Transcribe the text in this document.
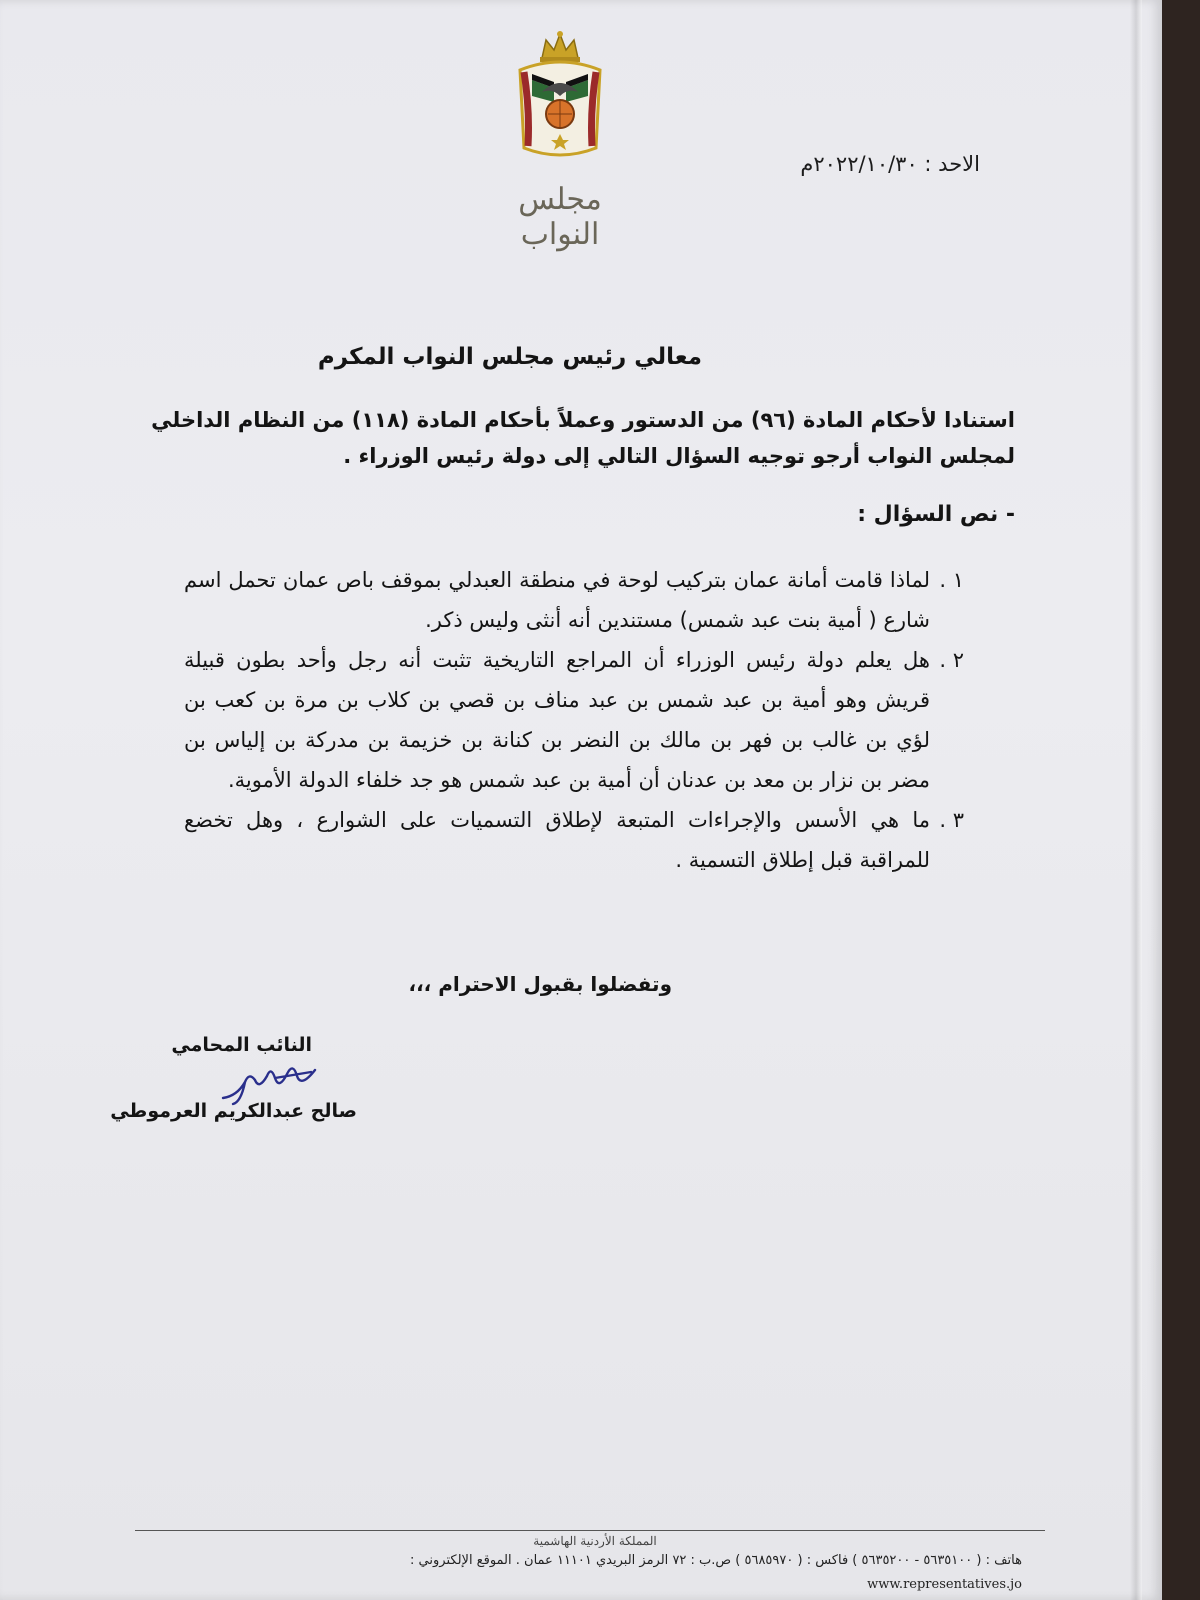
مجلس النواب
الاحد : ٢٠٢٢/١٠/٣٠م
معالي رئيس مجلس النواب المكرم
استنادا لأحكام المادة (٩٦) من الدستور وعملاً بأحكام المادة (١١٨) من النظام الداخلي
لمجلس النواب أرجو توجيه السؤال التالي إلى دولة رئيس الوزراء .
- نص السؤال :
١ .
لماذا قامت أمانة عمان بتركيب لوحة في منطقة العبدلي بموقف باص عمان تحمل اسم شارع ( أمية بنت عبد شمس) مستندين أنه أنثى وليس ذكر.
٢ .
هل يعلم دولة رئيس الوزراء أن المراجع التاريخية تثبت أنه رجل وأحد بطون قبيلة قريش وهو أمية بن عبد شمس بن عبد مناف بن قصي بن كلاب بن مرة بن كعب بن لؤي بن غالب بن فهر بن مالك بن النضر بن كنانة بن خزيمة بن مدركة بن إلياس بن مضر بن نزار بن معد بن عدنان أن أمية بن عبد شمس هو جد خلفاء الدولة الأموية.
٣ .
ما هي الأسس والإجراءات المتبعة لإطلاق التسميات على الشوارع ، وهل تخضع للمراقبة قبل إطلاق التسمية .
وتفضلوا بقبول الاحترام ،،،
النائب المحامي
صالح عبدالكريم العرموطي
المملكة الأردنية الهاشمية
هاتف : ( ٥٦٣٥١٠٠ - ٥٦٣٥٢٠٠ ) فاكس : ( ٥٦٨٥٩٧٠ ) ص.ب : ٧٢ الرمز البريدي ١١١٠١ عمان . الموقع الإلكتروني :
www.representatives.jo
